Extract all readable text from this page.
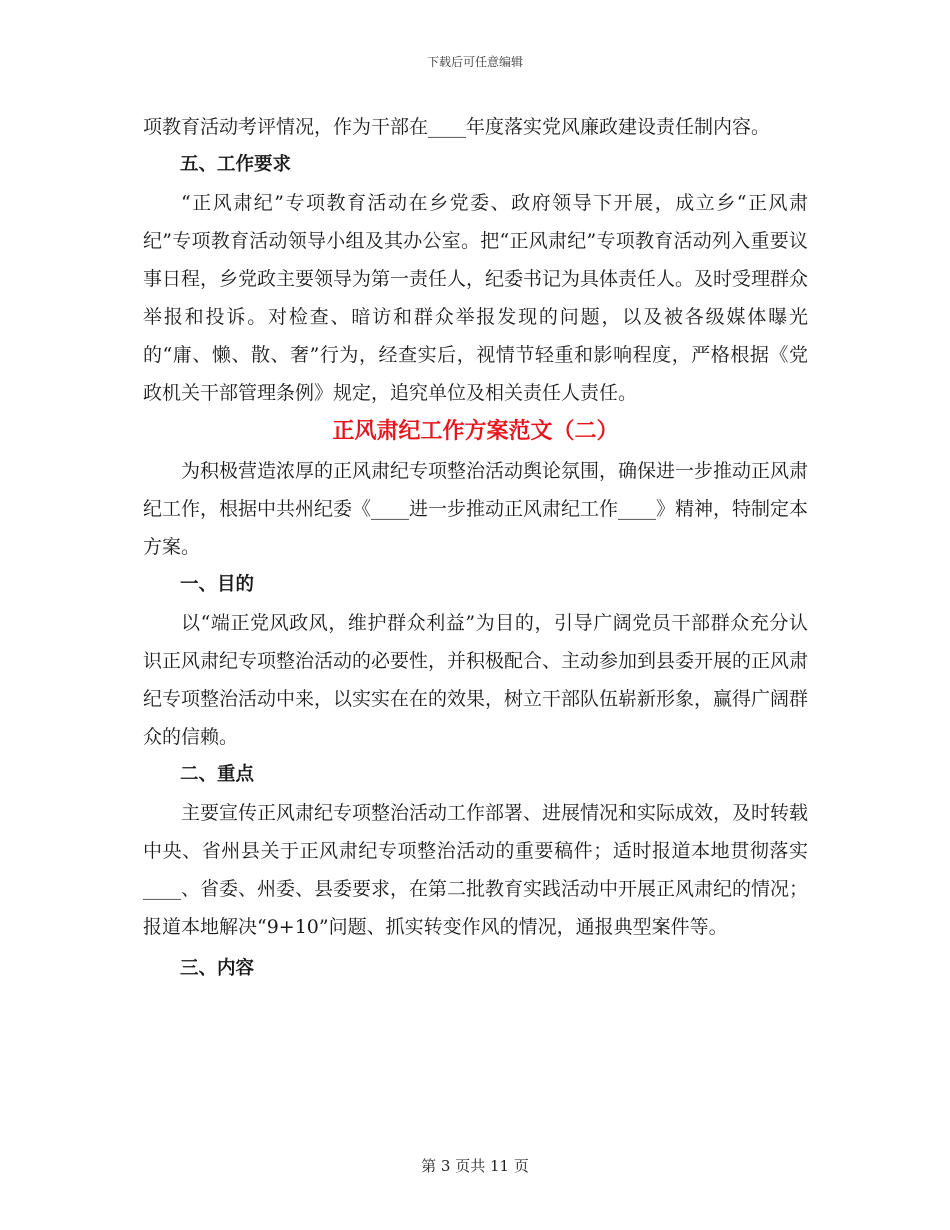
下载后可任意编辑

项教育活动考评情况，作为干部在____年度落实党风廉政建设责任制内容。

五、工作要求

“正风肃纪”专项教育活动在乡党委、政府领导下开展，成立乡“正风肃纪”专项教育活动领导小组及其办公室。把“正风肃纪”专项教育活动列入重要议事日程，乡党政主要领导为第一责任人，纪委书记为具体责任人。及时受理群众举报和投诉。对检查、暗访和群众举报发现的问题，以及被各级媒体曝光的“庸、懒、散、奢”行为，经查实后，视情节轻重和影响程度，严格根据《党政机关干部管理条例》规定，追究单位及相关责任人责任。

正风肃纪工作方案范文（二）

为积极营造浓厚的正风肃纪专项整治活动舆论氛围，确保进一步推动正风肃纪工作，根据中共州纪委《____进一步推动正风肃纪工作____》精神，特制定本方案。

一、目的

以“端正党风政风，维护群众利益”为目的，引导广阔党员干部群众充分认识正风肃纪专项整治活动的必要性，并积极配合、主动参加到县委开展的正风肃纪专项整治活动中来，以实实在在的效果，树立干部队伍崭新形象，赢得广阔群众的信赖。

二、重点

主要宣传正风肃纪专项整治活动工作部署、进展情况和实际成效，及时转载中央、省州县关于正风肃纪专项整治活动的重要稿件；适时报道本地贯彻落实____、省委、州委、县委要求，在第二批教育实践活动中开展正风肃纪的情况；报道本地解决“9+10”问题、抓实转变作风的情况，通报典型案件等。

三、内容

第 3 页共 11 页
